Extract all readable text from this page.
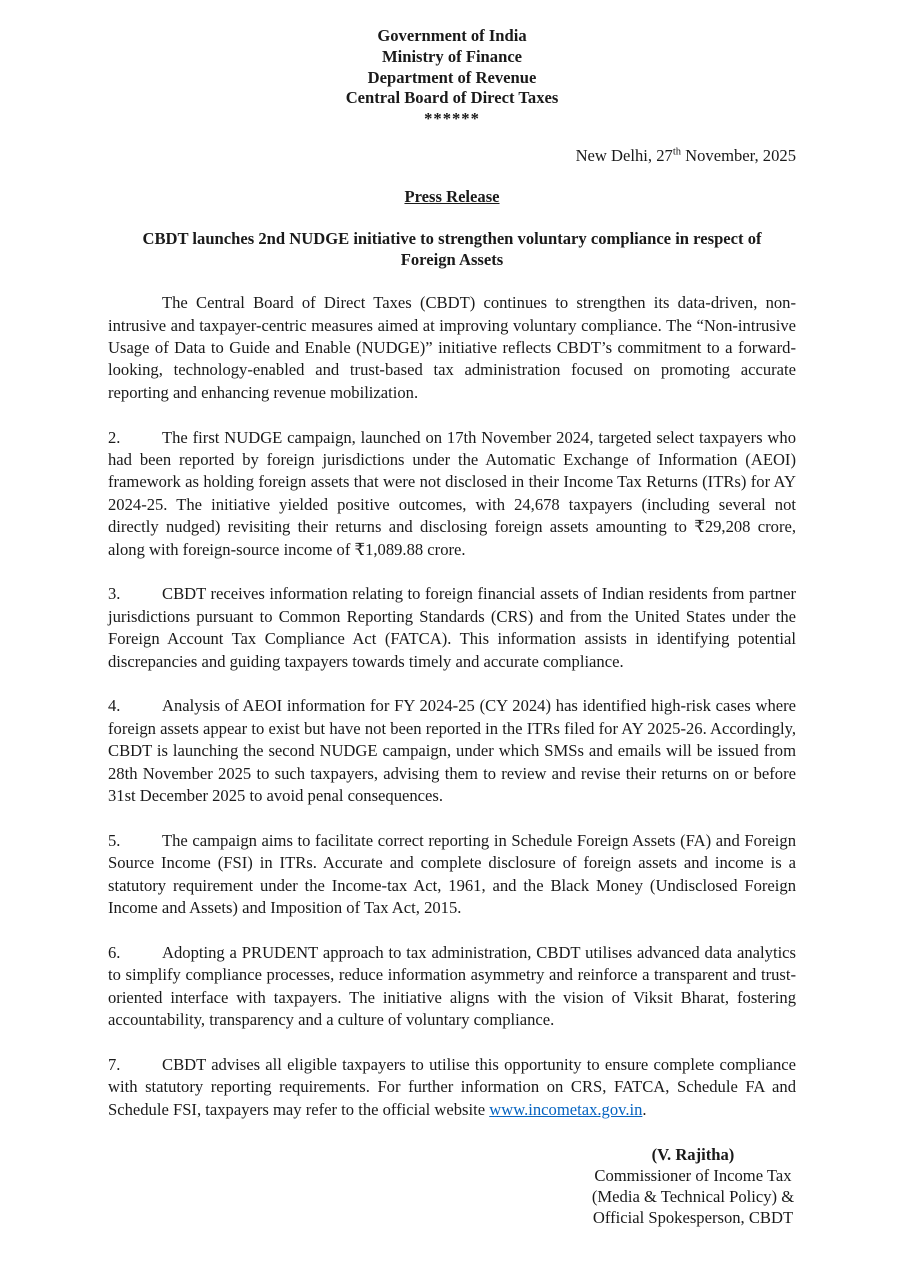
Government of India
Ministry of Finance
Department of Revenue
Central Board of Direct Taxes
******
New Delhi, 27th November, 2025
Press Release
CBDT launches 2nd NUDGE initiative to strengthen voluntary compliance in respect of
Foreign Assets

The Central Board of Direct Taxes (CBDT) continues to strengthen its data-driven, non-intrusive and taxpayer-centric measures aimed at improving voluntary compliance. The “Non-intrusive Usage of Data to Guide and Enable (NUDGE)” initiative reflects CBDT’s commitment to a forward-looking, technology-enabled and trust-based tax administration focused on promoting accurate reporting and enhancing revenue mobilization.

2.	The first NUDGE campaign, launched on 17th November 2024, targeted select taxpayers who had been reported by foreign jurisdictions under the Automatic Exchange of Information (AEOI) framework as holding foreign assets that were not disclosed in their Income Tax Returns (ITRs) for AY 2024-25. The initiative yielded positive outcomes, with 24,678 taxpayers (including several not directly nudged) revisiting their returns and disclosing foreign assets amounting to ₹29,208 crore, along with foreign-source income of ₹1,089.88 crore.

3.	CBDT receives information relating to foreign financial assets of Indian residents from partner jurisdictions pursuant to Common Reporting Standards (CRS) and from the United States under the Foreign Account Tax Compliance Act (FATCA). This information assists in identifying potential discrepancies and guiding taxpayers towards timely and accurate compliance.

4.	Analysis of AEOI information for FY 2024-25 (CY 2024) has identified high-risk cases where foreign assets appear to exist but have not been reported in the ITRs filed for AY 2025-26. Accordingly, CBDT is launching the second NUDGE campaign, under which SMSs and emails will be issued from 28th November 2025 to such taxpayers, advising them to review and revise their returns on or before 31st December 2025 to avoid penal consequences.

5.	The campaign aims to facilitate correct reporting in Schedule Foreign Assets (FA) and Foreign Source Income (FSI) in ITRs. Accurate and complete disclosure of foreign assets and income is a statutory requirement under the Income-tax Act, 1961, and the Black Money (Undisclosed Foreign Income and Assets) and Imposition of Tax Act, 2015.

6.	Adopting a PRUDENT approach to tax administration, CBDT utilises advanced data analytics to simplify compliance processes, reduce information asymmetry and reinforce a transparent and trust-oriented interface with taxpayers. The initiative aligns with the vision of Viksit Bharat, fostering accountability, transparency and a culture of voluntary compliance.

7.	CBDT advises all eligible taxpayers to utilise this opportunity to ensure complete compliance with statutory reporting requirements. For further information on CRS, FATCA, Schedule FA and Schedule FSI, taxpayers may refer to the official website www.incometax.gov.in.

(V. Rajitha)
Commissioner of Income Tax
(Media & Technical Policy) &
Official Spokesperson, CBDT
